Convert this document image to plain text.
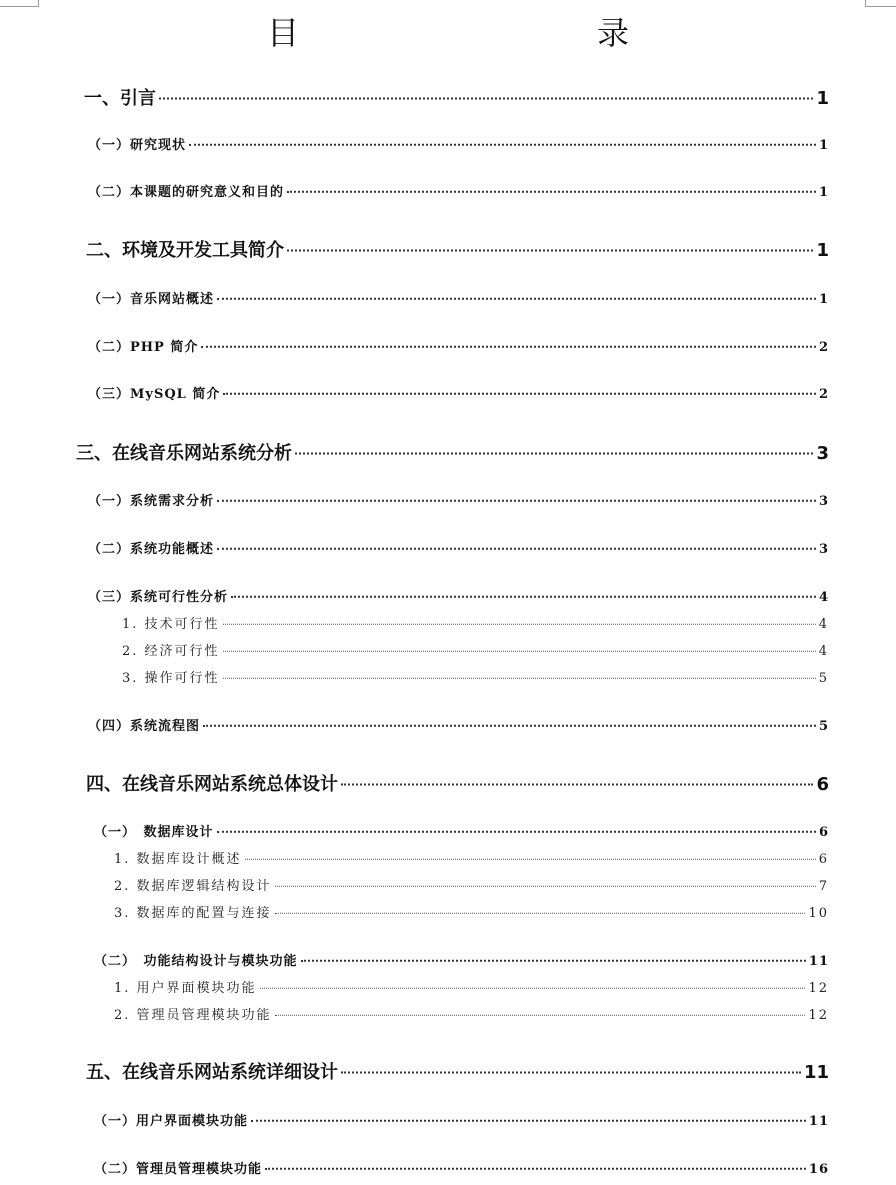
目　　录
一、引言	1
（一）研究现状	1
（二）本课题的研究意义和目的	1
二、环境及开发工具简介	1
（一）音乐网站概述	1
（二）PHP 简介	2
（三）MySQL 简介	2
三、在线音乐网站系统分析	3
（一）系统需求分析	3
（二）系统功能概述	3
（三）系统可行性分析	4
1. 技术可行性	4
2. 经济可行性	4
3. 操作可行性	5
（四）系统流程图	5
四、在线音乐网站系统总体设计	6
（一）　数据库设计	6
1. 数据库设计概述	6
2. 数据库逻辑结构设计	7
3. 数据库的配置与连接	10
（二）　功能结构设计与模块功能	11
1. 用户界面模块功能	12
2. 管理员管理模块功能	12
五、在线音乐网站系统详细设计	11
（一）用户界面模块功能	11
（二）管理员管理模块功能	16
